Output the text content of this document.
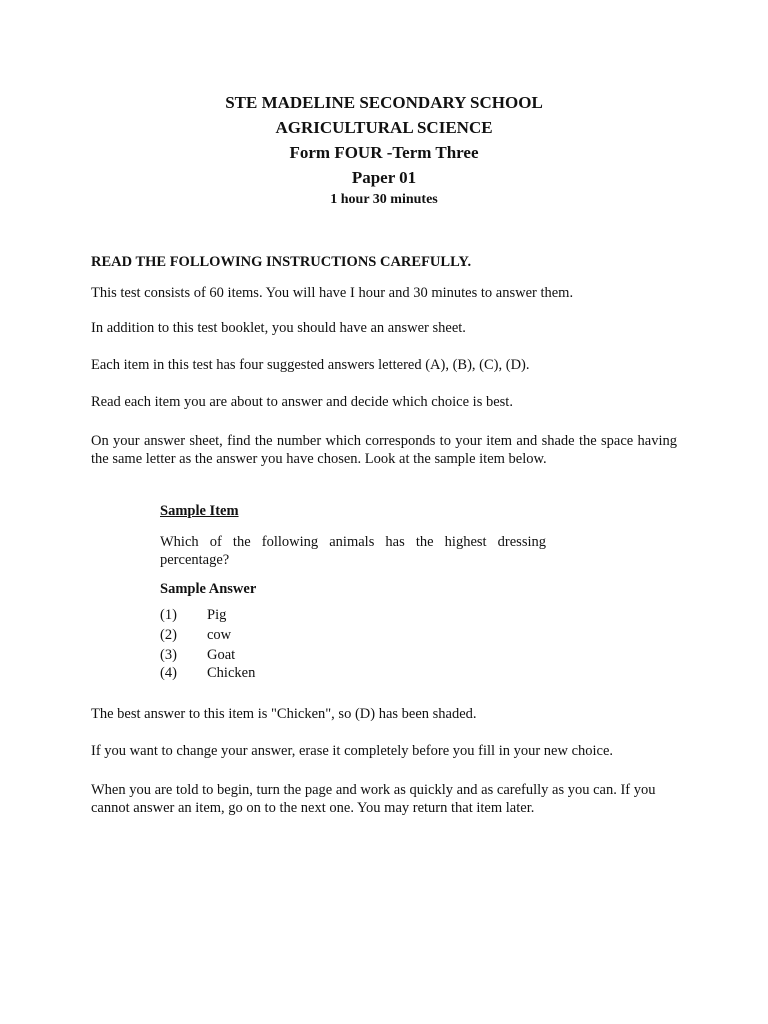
STE MADELINE SECONDARY SCHOOL
AGRICULTURAL SCIENCE
Form FOUR -Term Three
Paper 01
1 hour 30 minutes
READ THE FOLLOWING INSTRUCTIONS CAREFULLY.
This test consists of 60 items. You will have I hour and 30 minutes to answer them.
In addition to this test booklet, you should have an answer sheet.
Each item in this test has four suggested answers lettered (A), (B), (C), (D).
Read each item you are about to answer and decide which choice is best.
On your answer sheet, find the number which corresponds to your item and shade the space having the same letter as the answer you have chosen. Look at the sample item below.
Sample Item
Which of the following animals has the highest dressing percentage?
Sample Answer
(1) Pig
(2) cow
(3) Goat
(4) Chicken
The best answer to this item is "Chicken", so (D) has been shaded.
If you want to change your answer, erase it completely before you fill in your new choice.
When you are told to begin, turn the page and work as quickly and as carefully as you can. If you cannot answer an item, go on to the next one. You may return that item later.
